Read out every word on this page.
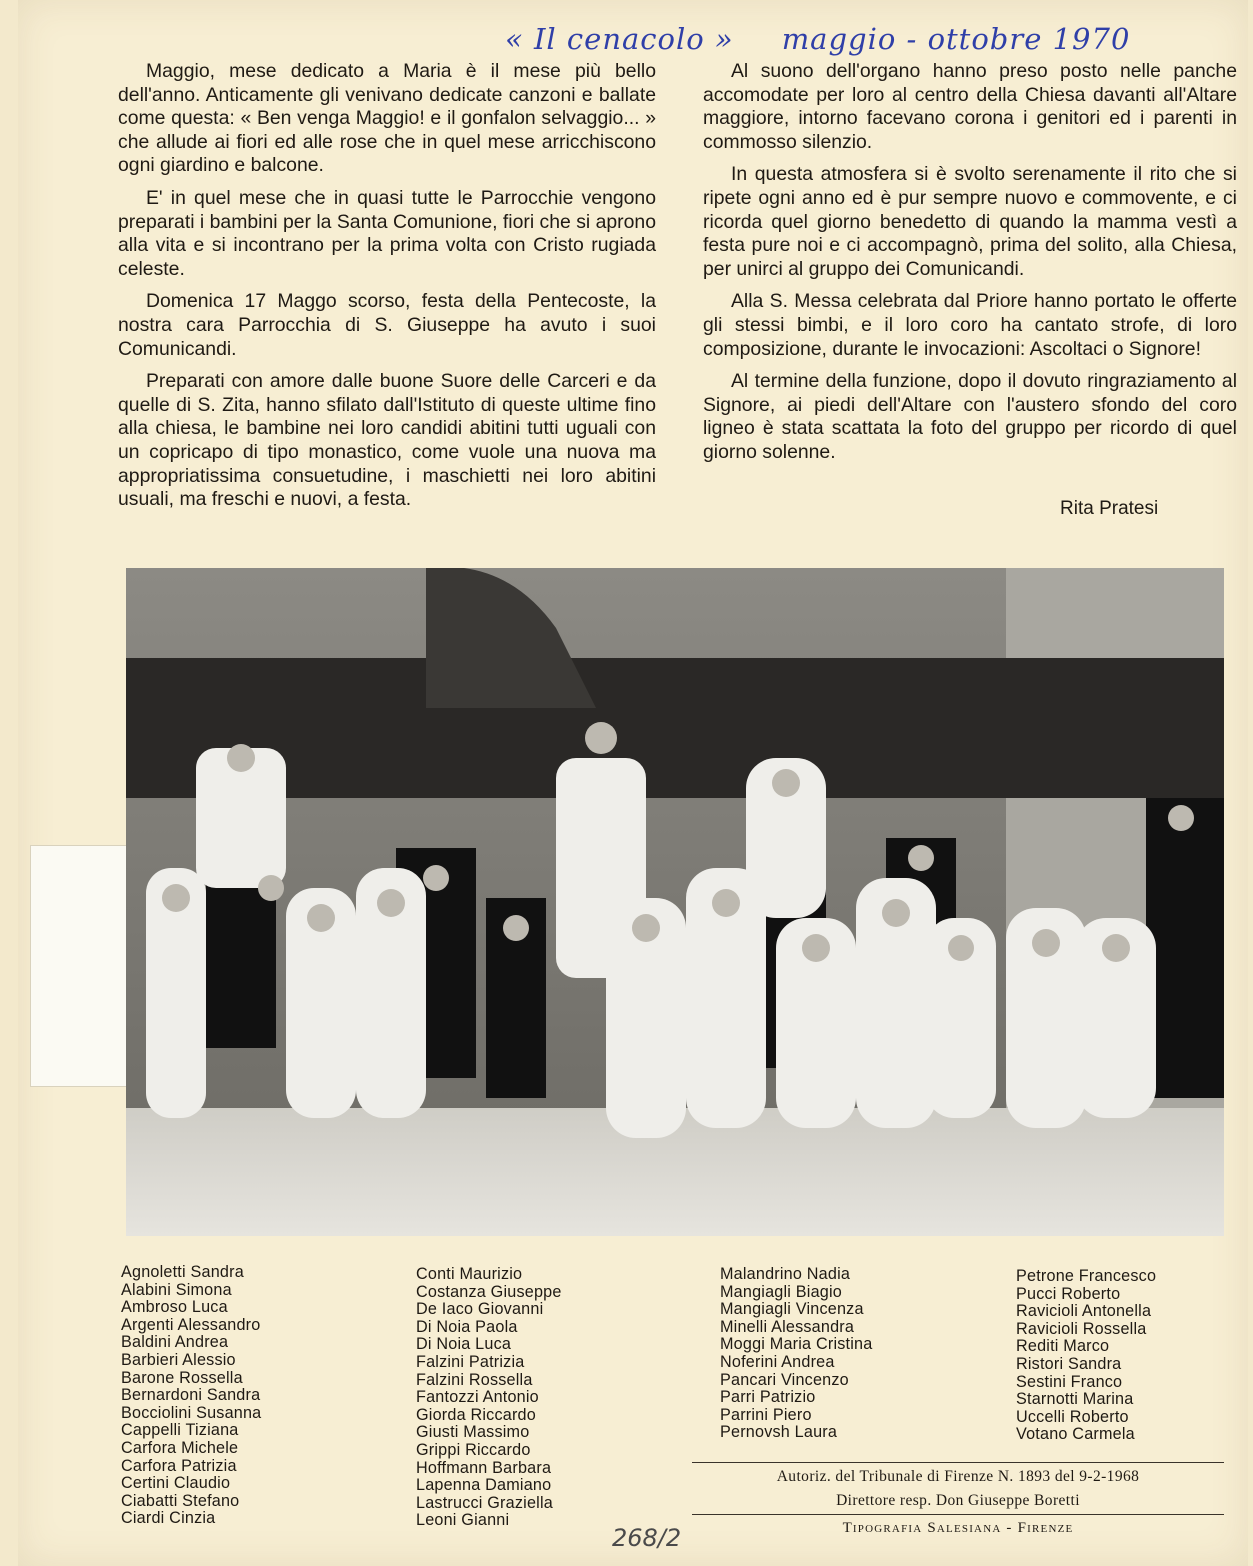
« Il cenacolo » maggio - ottobre 1970

Maggio, mese dedicato a Maria è il mese più bello dell'anno. Anticamente gli venivano dedicate canzoni e ballate come questa: « Ben venga Maggio! e il gonfalon selvaggio... » che allude ai fiori ed alle rose che in quel mese arricchiscono ogni giardino e balcone.

E' in quel mese che in quasi tutte le Parrocchie vengono preparati i bambini per la Santa Comunione, fiori che si aprono alla vita e si incontrano per la prima volta con Cristo rugiada celeste.

Domenica 17 Maggo scorso, festa della Pentecoste, la nostra cara Parrocchia di S. Giuseppe ha avuto i suoi Comunicandi.

Preparati con amore dalle buone Suore delle Carceri e da quelle di S. Zita, hanno sfilato dall'Istituto di queste ultime fino alla chiesa, le bambine nei loro candidi abitini tutti uguali con un copricapo di tipo monastico, come vuole una nuova ma appropriatissima consuetudine, i maschietti nei loro abitini usuali, ma freschi e nuovi, a festa.

Al suono dell'organo hanno preso posto nelle panche accomodate per loro al centro della Chiesa davanti all'Altare maggiore, intorno facevano corona i genitori ed i parenti in commosso silenzio.

In questa atmosfera si è svolto serenamente il rito che si ripete ogni anno ed è pur sempre nuovo e commovente, e ci ricorda quel giorno benedetto di quando la mamma vestì a festa pure noi e ci accompagnò, prima del solito, alla Chiesa, per unirci al gruppo dei Comunicandi.

Alla S. Messa celebrata dal Priore hanno portato le offerte gli stessi bimbi, e il loro coro ha cantato strofe, di loro composizione, durante le invocazioni: Ascoltaci o Signore!

Al termine della funzione, dopo il dovuto ringraziamento al Signore, ai piedi dell'Altare con l'austero sfondo del coro ligneo è stata scattata la foto del gruppo per ricordo di quel giorno solenne.

Rita Pratesi
Agnoletti Sandra
Alabini Simona
Ambroso Luca
Argenti Alessandro
Baldini Andrea
Barbieri Alessio
Barone Rossella
Bernardoni Sandra
Bocciolini Susanna
Cappelli Tiziana
Carfora Michele
Carfora Patrizia
Certini Claudio
Ciabatti Stefano
Ciardi Cinzia
Conti Maurizio
Costanza Giuseppe
De Iaco Giovanni
Di Noia Paola
Di Noia Luca
Falzini Patrizia
Falzini Rossella
Fantozzi Antonio
Giorda Riccardo
Giusti Massimo
Grippi Riccardo
Hoffmann Barbara
Lapenna Damiano
Lastrucci Graziella
Leoni Gianni
Malandrino Nadia
Mangiagli Biagio
Mangiagli Vincenza
Minelli Alessandra
Moggi Maria Cristina
Noferini Andrea
Pancari Vincenzo
Parri Patrizio
Parrini Piero
Pernovsh Laura
Petrone Francesco
Pucci Roberto
Ravicioli Antonella
Ravicioli Rossella
Rediti Marco
Ristori Sandra
Sestini Franco
Starnotti Marina
Uccelli Roberto
Votano Carmela
Autoriz. del Tribunale di Firenze N. 1893 del 9-2-1968
Direttore resp. Don Giuseppe Boretti
Tipografia Salesiana - Firenze
268/2
